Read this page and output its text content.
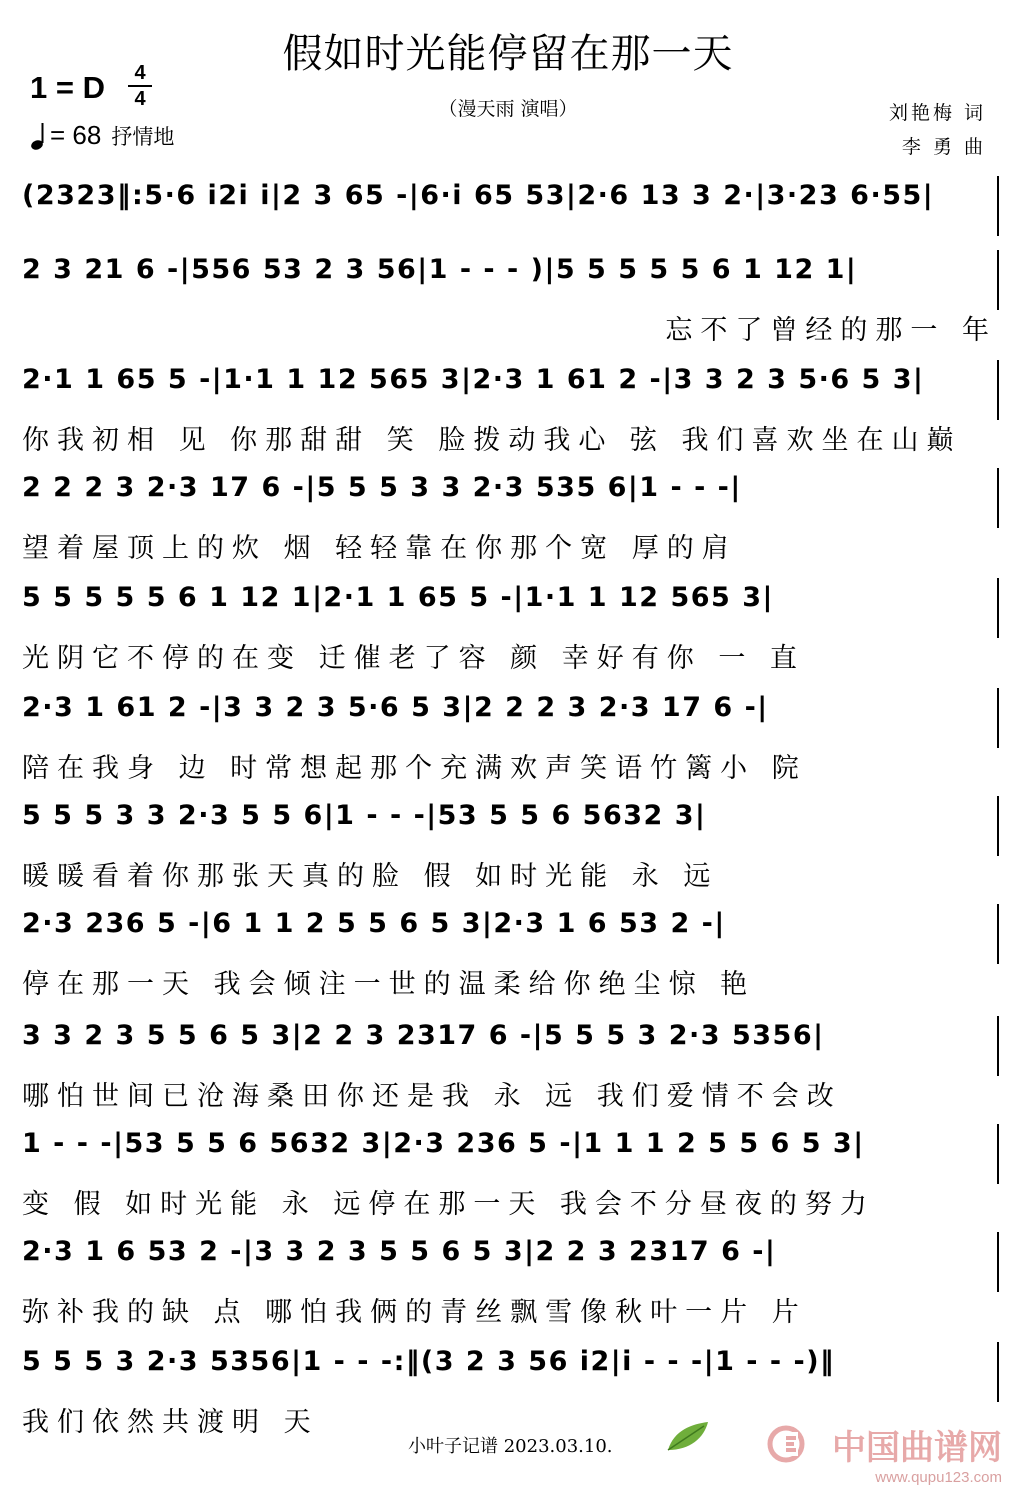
假如时光能停留在那一天
（漫天雨 演唱）
1 = D	4
4
= 68 抒情地
刘艳梅 词
李 勇 曲
(2323‖:5·6 i2i i|2 3 65 -|6·i 65 53|2·6 13 3 2·|3·23 6·55|
2 3 21 6 -|556 53 2 3 56|1 - - - )|5 5 5 5 5 6 1 12 1|
忘不了曾经的那一 年
2·1 1 65 5 -|1·1 1 12 565 3|2·3 1 61 2 -|3 3 2 3 5·6 5 3|
你我初相 见 你那甜甜 笑 脸拨动我心 弦 我们喜欢坐在山巅
2 2 2 3 2·3 17 6 -|5 5 5 3 3 2·3 535 6|1 - - -|
望着屋顶上的炊 烟 轻轻靠在你那个宽 厚的肩
5 5 5 5 5 6 1 12 1|2·1 1 65 5 -|1·1 1 12 565 3|
光阴它不停的在变 迁催老了容 颜 幸好有你 一 直
2·3 1 61 2 -|3 3 2 3 5·6 5 3|2 2 2 3 2·3 17 6 -|
陪在我身 边 时常想起那个充满欢声笑语竹篱小 院
5 5 5 3 3 2·3 5 5 6|1 - - -|53 5 5 6 5632 3|
暖暖看着你那张天真的脸 假 如时光能 永 远
2·3 236 5 -|6 1 1 2 5 5 6 5 3|2·3 1 6 53 2 -|
停在那一天 我会倾注一世的温柔给你绝尘惊 艳
3 3 2 3 5 5 6 5 3|2 2 3 2317 6 -|5 5 5 3 2·3 5356|
哪怕世间已沧海桑田你还是我 永 远 我们爱情不会改
1 - - -|53 5 5 6 5632 3|2·3 236 5 -|1 1 1 2 5 5 6 5 3|
变 假 如时光能 永 远停在那一天 我会不分昼夜的努力
2·3 1 6 53 2 -|3 3 2 3 5 5 6 5 3|2 2 3 2317 6 -|
弥补我的缺 点 哪怕我俩的青丝飘雪像秋叶一片 片
5 5 5 3 2·3 5356|1 - - -:‖(3 2 3 56 i2|i - - -|1 - - -)‖
我们依然共渡明 天
小叶子记谱 2023.03.10.	中国曲谱网
www.qupu123.com
